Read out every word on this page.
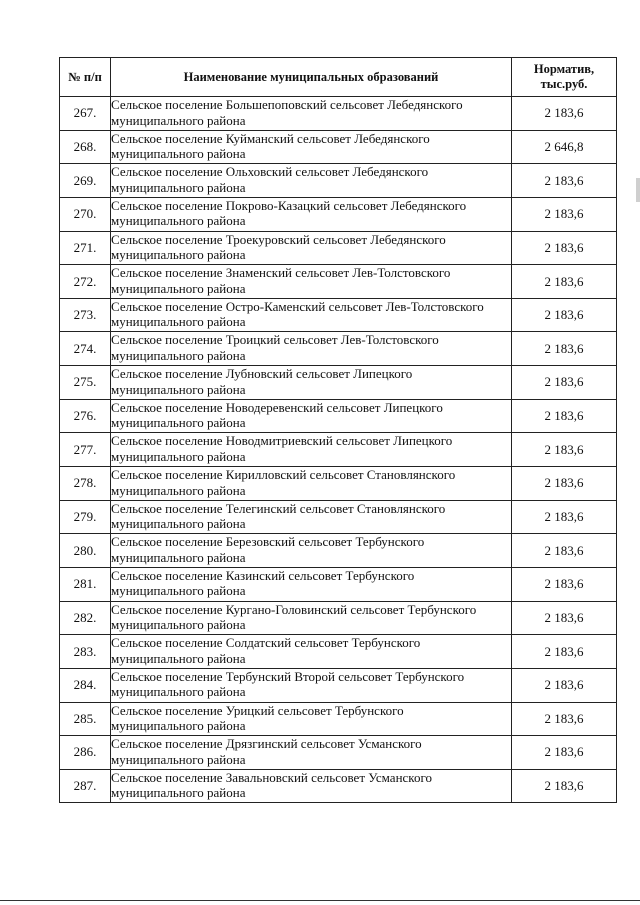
№ п/п	Наименование муниципальных образований	Норматив,
тыс.руб.

267.	Сельское поселение Большепоповский сельсовет Лебедянского
муниципального района	2 183,6
268.	Сельское поселение Куйманский сельсовет Лебедянского
муниципального района	2 646,8
269.	Сельское поселение Ольховский сельсовет Лебедянского
муниципального района	2 183,6
270.	Сельское поселение Покрово-Казацкий сельсовет Лебедянского
муниципального района	2 183,6
271.	Сельское поселение Троекуровский сельсовет Лебедянского
муниципального района	2 183,6
272.	Сельское поселение Знаменский сельсовет Лев-Толстовского
муниципального района	2 183,6
273.	Сельское поселение Остро-Каменский сельсовет Лев-Толстовского
муниципального района	2 183,6
274.	Сельское поселение Троицкий сельсовет Лев-Толстовского
муниципального района	2 183,6
275.	Сельское поселение Лубновский сельсовет Липецкого
муниципального района	2 183,6
276.	Сельское поселение Новодеревенский сельсовет Липецкого
муниципального района	2 183,6
277.	Сельское поселение Новодмитриевский сельсовет Липецкого
муниципального района	2 183,6
278.	Сельское поселение Кирилловский сельсовет Становлянского
муниципального района	2 183,6
279.	Сельское поселение Телегинский сельсовет Становлянского
муниципального района	2 183,6
280.	Сельское поселение Березовский сельсовет Тербунского
муниципального района	2 183,6
281.	Сельское поселение Казинский сельсовет Тербунского
муниципального района	2 183,6
282.	Сельское поселение Кургано-Головинский сельсовет Тербунского
муниципального района	2 183,6
283.	Сельское поселение Солдатский сельсовет Тербунского
муниципального района	2 183,6
284.	Сельское поселение Тербунский Второй сельсовет Тербунского
муниципального района	2 183,6
285.	Сельское поселение Урицкий сельсовет Тербунского
муниципального района	2 183,6
286.	Сельское поселение Дрязгинский сельсовет Усманского
муниципального района	2 183,6
287.	Сельское поселение Завальновский сельсовет Усманского
муниципального района	2 183,6
